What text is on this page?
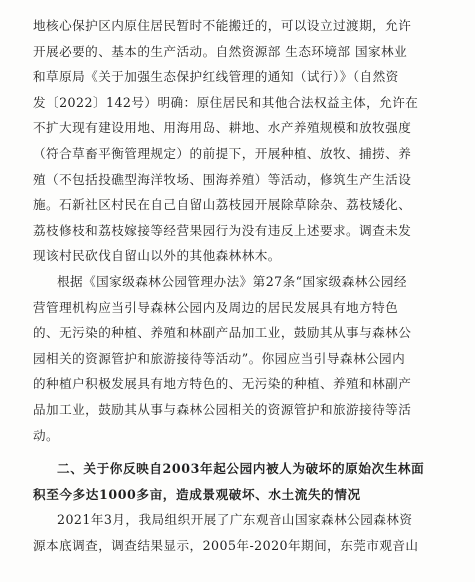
地核心保护区内原住居民暂时不能搬迁的，可以设立过渡期，允许
开展必要的、基本的生产活动。自然资源部 生态环境部 国家林业
和草原局《关于加强生态保护红线管理的通知（试行）》（自然资
发〔2022〕142号）明确：原住居民和其他合法权益主体，允许在
不扩大现有建设用地、用海用岛、耕地、水产养殖规模和放牧强度
（符合草畜平衡管理规定）的前提下，开展种植、放牧、捕捞、养
殖（不包括投礁型海洋牧场、围海养殖）等活动，修筑生产生活设
施。石新社区村民在自己自留山荔枝园开展除草除杂、荔枝矮化、
荔枝修枝和荔枝嫁接等经营果园行为没有违反上述要求。调查未发
现该村民砍伐自留山以外的其他森林林木。
根据《国家级森林公园管理办法》第27条“国家级森林公园经
营管理机构应当引导森林公园内及周边的居民发展具有地方特色
的、无污染的种植、养殖和林副产品加工业，鼓励其从事与森林公
园相关的资源管护和旅游接待等活动”。你园应当引导森林公园内
的种植户积极发展具有地方特色的、无污染的种植、养殖和林副产
品加工业，鼓励其从事与森林公园相关的资源管护和旅游接待等活
动。
二、关于你反映自2003年起公园内被人为破坏的原始次生林面
积至今多达1000多亩，造成景观破坏、水土流失的情况
2021年3月，我局组织开展了广东观音山国家森林公园森林资
源本底调查，调查结果显示，2005年-2020年期间，东莞市观音山
